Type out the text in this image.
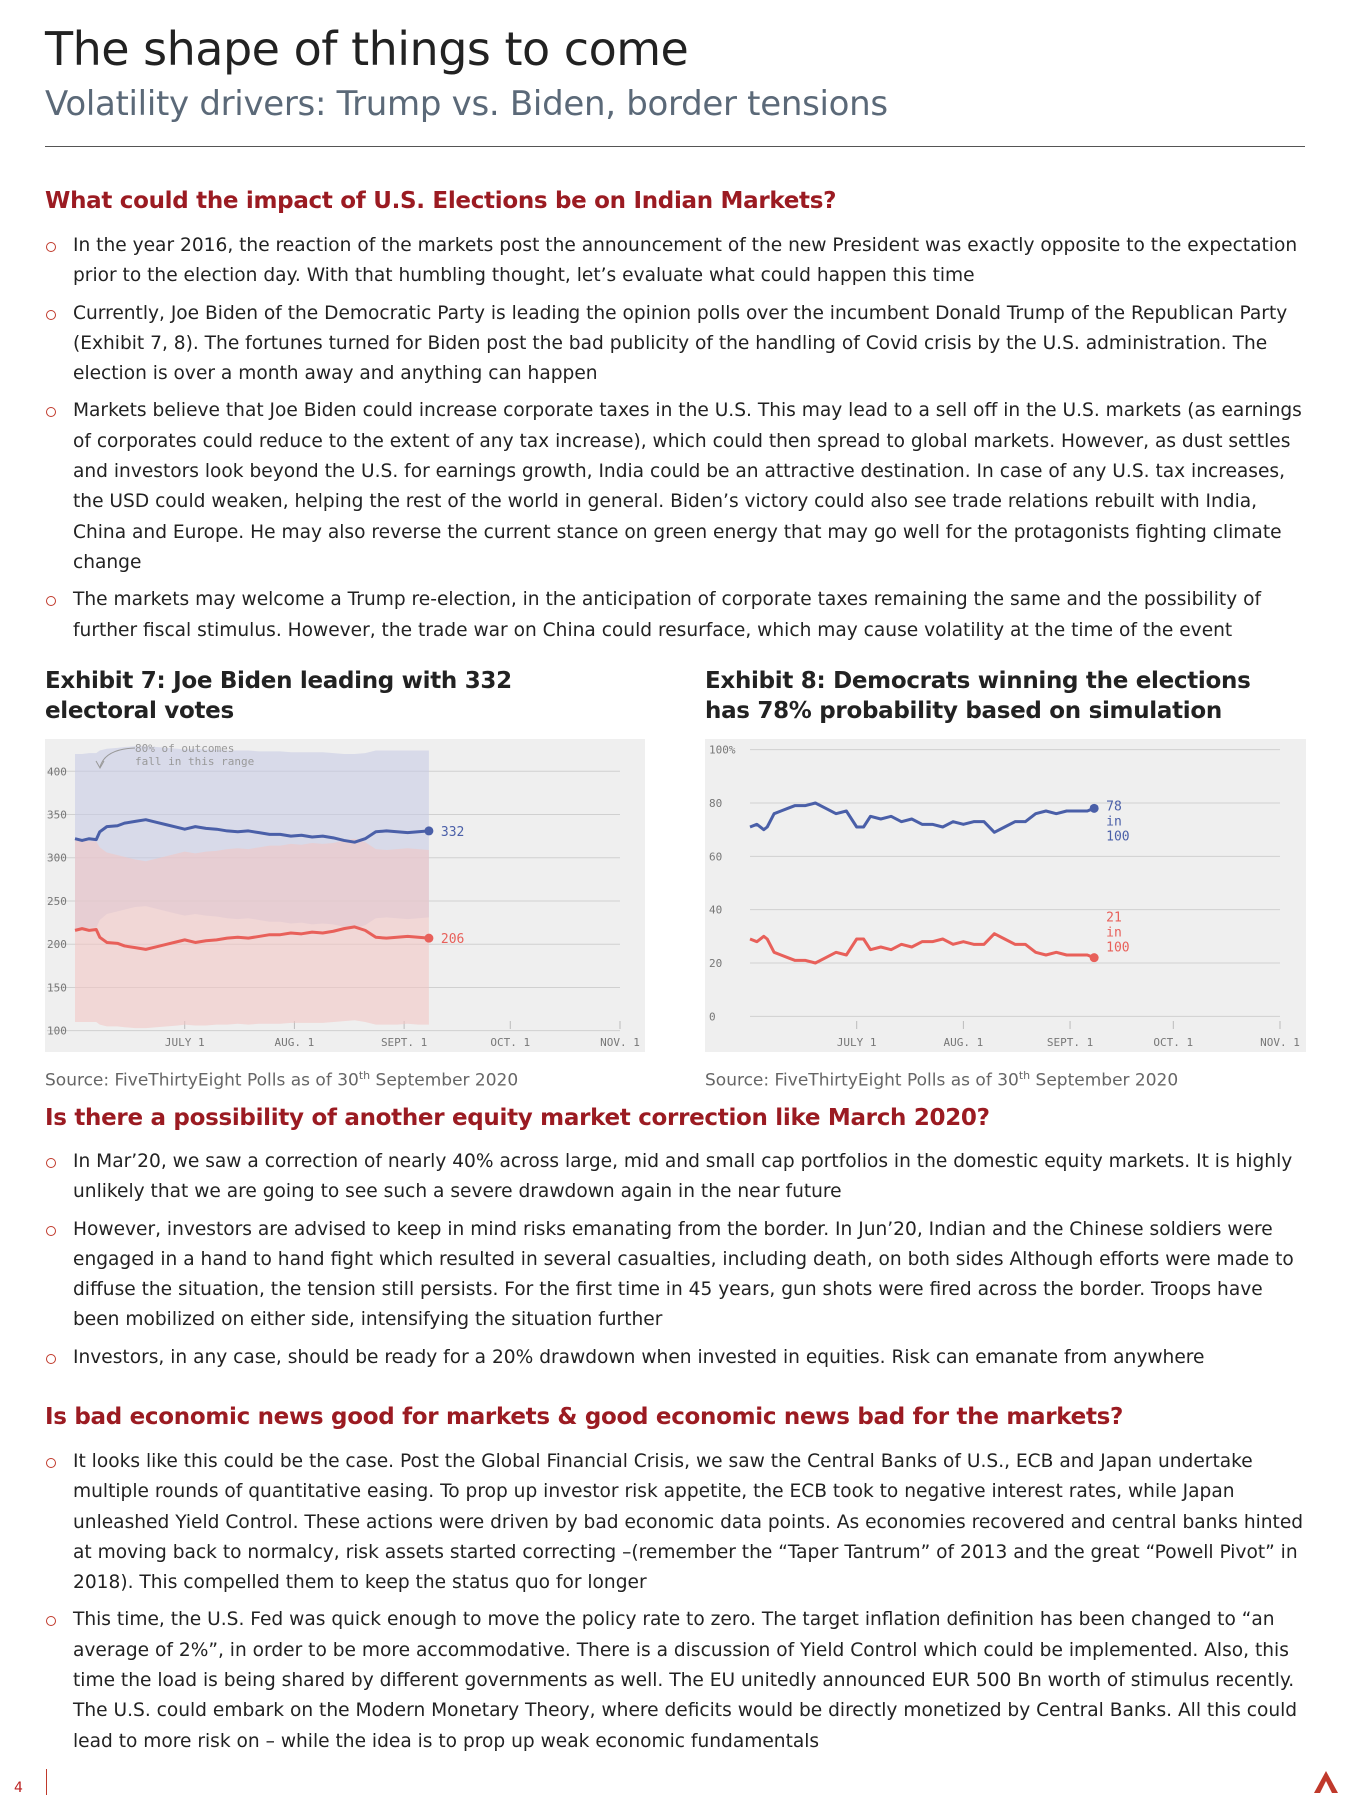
The shape of things to come
Volatility drivers: Trump vs. Biden, border tensions
What could the impact of U.S. Elections be on Indian Markets?
In the year 2016, the reaction of the markets post the announcement of the new President was exactly opposite to the expectation prior to the election day. With that humbling thought, let’s evaluate what could happen this time
Currently, Joe Biden of the Democratic Party is leading the opinion polls over the incumbent Donald Trump of the Republican Party (Exhibit 7, 8). The fortunes turned for Biden post the bad publicity of the handling of Covid crisis by the U.S. administration. The election is over a month away and anything can happen
Markets believe that Joe Biden could increase corporate taxes in the U.S. This may lead to a sell off in the U.S. markets (as earnings of corporates could reduce to the extent of any tax increase), which could then spread to global markets. However, as dust settles and investors look beyond the U.S. for earnings growth, India could be an attractive destination. In case of any U.S. tax increases, the USD could weaken, helping the rest of the world in general. Biden’s victory could also see trade relations rebuilt with India, China and Europe. He may also reverse the current stance on green energy that may go well for the protagonists fighting climate change
The markets may welcome a Trump re-election, in the anticipation of corporate taxes remaining the same and the possibility of further fiscal stimulus. However, the trade war on China could resurface, which may cause volatility at the time of the event
Exhibit 7: Joe Biden leading with 332 electoral votes
Exhibit 8: Democrats winning the elections has 78% probability based on simulation
100
150
200
250
300
350
400
JULY 1	AUG. 1	SEPT. 1	OCT. 1	NOV. 1
332
206
80% of outcomes
fall in this range
0
20
40
60
80
100%
JULY 1	AUG. 1	SEPT. 1	OCT. 1	NOV. 1
78
in
100
21
in
100
Source: FiveThirtyEight Polls as of 30th September 2020	Source: FiveThirtyEight Polls as of 30th September 2020
Is there a possibility of another equity market correction like March 2020?
In Mar’20, we saw a correction of nearly 40% across large, mid and small cap portfolios in the domestic equity markets. It is highly unlikely that we are going to see such a severe drawdown again in the near future
However, investors are advised to keep in mind risks emanating from the border. In Jun’20, Indian and the Chinese soldiers were engaged in a hand to hand fight which resulted in several casualties, including death, on both sides Although efforts were made to diffuse the situation, the tension still persists. For the first time in 45 years, gun shots were fired across the border. Troops have been mobilized on either side, intensifying the situation further
Investors, in any case, should be ready for a 20% drawdown when invested in equities. Risk can emanate from anywhere
Is bad economic news good for markets & good economic news bad for the markets?
It looks like this could be the case. Post the Global Financial Crisis, we saw the Central Banks of U.S., ECB and Japan undertake multiple rounds of quantitative easing. To prop up investor risk appetite, the ECB took to negative interest rates, while Japan unleashed Yield Control. These actions were driven by bad economic data points. As economies recovered and central banks hinted at moving back to normalcy, risk assets started correcting –(remember the “Taper Tantrum” of 2013 and the great “Powell Pivot” in 2018). This compelled them to keep the status quo for longer
This time, the U.S. Fed was quick enough to move the policy rate to zero. The target inflation definition has been changed to “an average of 2%”, in order to be more accommodative. There is a discussion of Yield Control which could be implemented. Also, this time the load is being shared by different governments as well. The EU unitedly announced EUR 500 Bn worth of stimulus recently. The U.S. could embark on the Modern Monetary Theory, where deficits would be directly monetized by Central Banks. All this could lead to more risk on – while the idea is to prop up weak economic fundamentals
4
